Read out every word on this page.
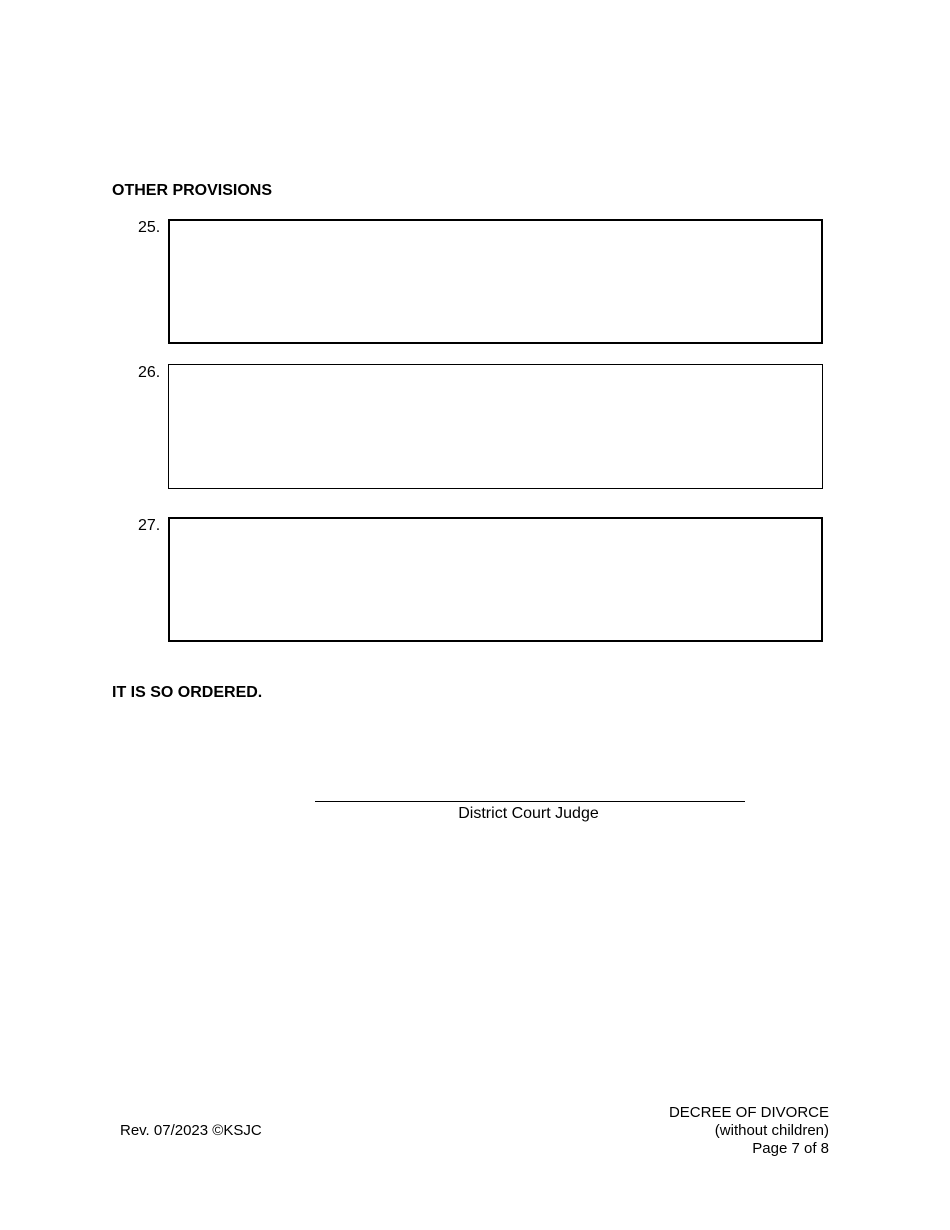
OTHER PROVISIONS
25.
26.
27.
IT IS SO ORDERED.
District Court Judge
Rev. 07/2023 ©KSJC
DECREE OF DIVORCE
(without children)
Page 7 of 8
